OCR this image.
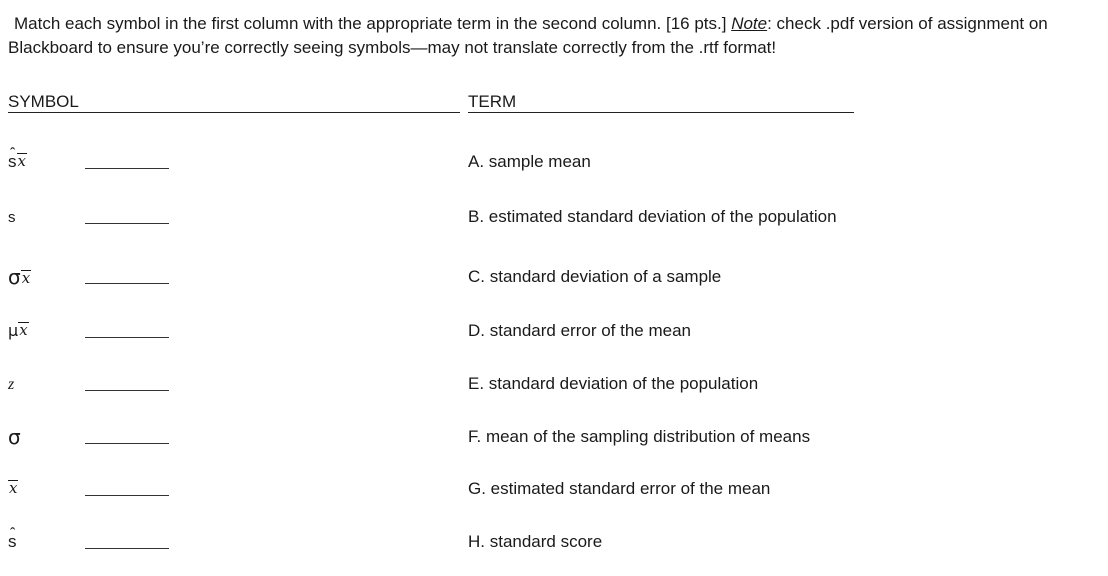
Match each symbol in the first column with the appropriate term in the second column. [16 pts.] Note: check .pdf version of assignment on Blackboard to ensure you’re correctly seeing symbols—may not translate correctly from the .rtf format!
SYMBOL	TERM
ˆ sx	A. sample mean
s	B. estimated standard deviation of the population
σx	C. standard deviation of a sample
μx	D. standard error of the mean
z	E. standard deviation of the population
σ	F. mean of the sampling distribution of means
x	G. estimated standard error of the mean
ˆ s	H. standard score
